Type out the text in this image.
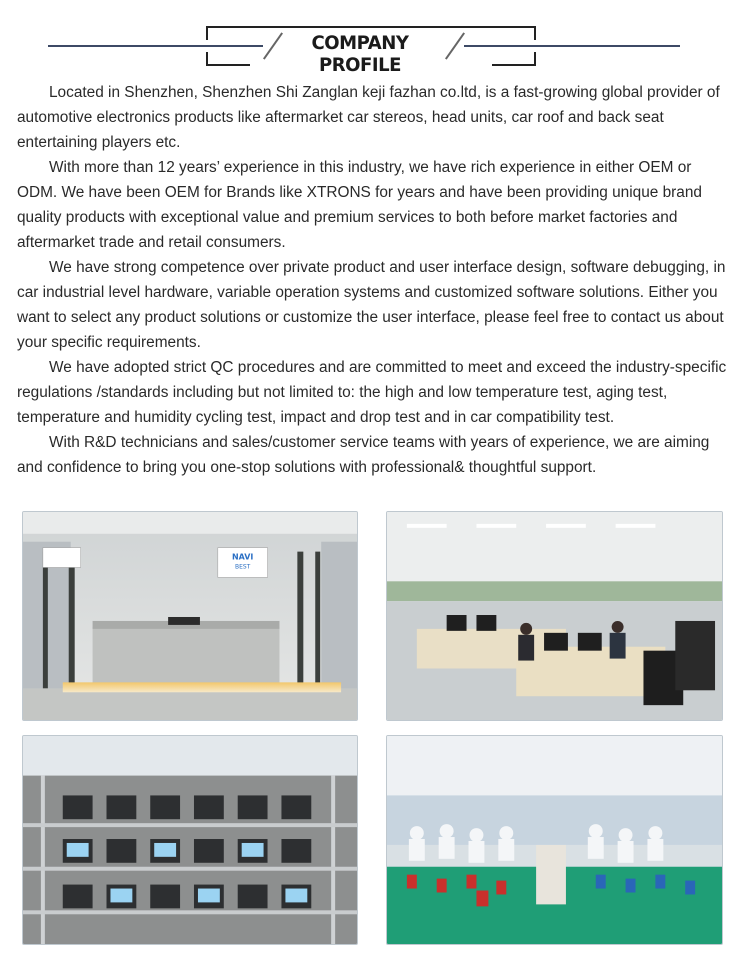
COMPANY PROFILE

Located in Shenzhen, Shenzhen Shi Zanglan keji fazhan co.ltd, is a fast-growing global provider of automotive electronics products like aftermarket car stereos, head units, car roof and back seat entertaining players etc.

With more than 12 years’ experience in this industry, we have rich experience in either OEM or ODM. We have been OEM for Brands like XTRONS for years and have been providing unique brand quality products with exceptional value and premium services to both before market factories and aftermarket trade and retail consumers.

We have strong competence over private product and user interface design, software debugging, in car industrial level hardware, variable operation systems and customized software solutions. Either you want to select any product solutions or customize the user interface, please feel free to contact us about your specific requirements.

We have adopted strict QC procedures and are committed to meet and exceed the industry-specific regulations /standards including but not limited to: the high and low temperature test, aging test, temperature and humidity cycling test, impact and drop test and in car compatibility test.

With R&D technicians and sales/customer service teams with years of experience, we are aiming and confidence to bring you one-stop solutions with professional& thoughtful support.

NAVI
BEST
